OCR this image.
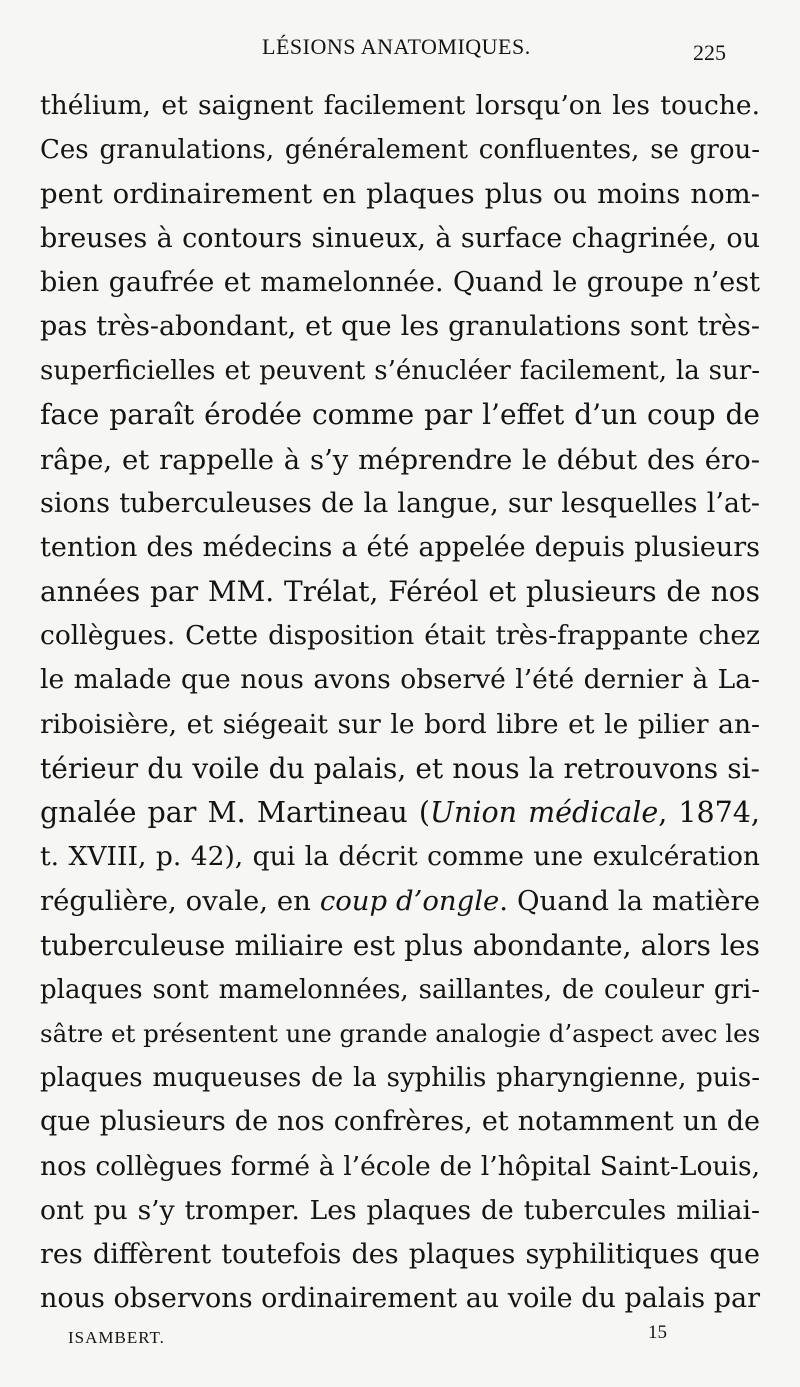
LÉSIONS ANATOMIQUES.	225
thélium, et saignent facilement lorsqu’on les touche.
Ces granulations, généralement confluentes, se grou-
pent ordinairement en plaques plus ou moins nom-
breuses à contours sinueux, à surface chagrinée, ou
bien gaufrée et mamelonnée. Quand le groupe n’est
pas très-abondant, et que les granulations sont très-
superficielles et peuvent s’énucléer facilement, la sur-
face paraît érodée comme par l’effet d’un coup de
râpe, et rappelle à s’y méprendre le début des éro-
sions tuberculeuses de la langue, sur lesquelles l’at-
tention des médecins a été appelée depuis plusieurs
années par MM. Trélat, Féréol et plusieurs de nos
collègues. Cette disposition était très-frappante chez
le malade que nous avons observé l’été dernier à La-
riboisière, et siégeait sur le bord libre et le pilier an-
térieur du voile du palais, et nous la retrouvons si-
gnalée par M. Martineau (Union médicale, 1874,
t. XVIII, p. 42), qui la décrit comme une exulcération
régulière, ovale, en coup d’ongle. Quand la matière
tuberculeuse miliaire est plus abondante, alors les
plaques sont mamelonnées, saillantes, de couleur gri-
sâtre et présentent une grande analogie d’aspect avec les
plaques muqueuses de la syphilis pharyngienne, puis-
que plusieurs de nos confrères, et notamment un de
nos collègues formé à l’école de l’hôpital Saint-Louis,
ont pu s’y tromper. Les plaques de tubercules miliai-
res diffèrent toutefois des plaques syphilitiques que
nous observons ordinairement au voile du palais par
ISAMBERT.	15
